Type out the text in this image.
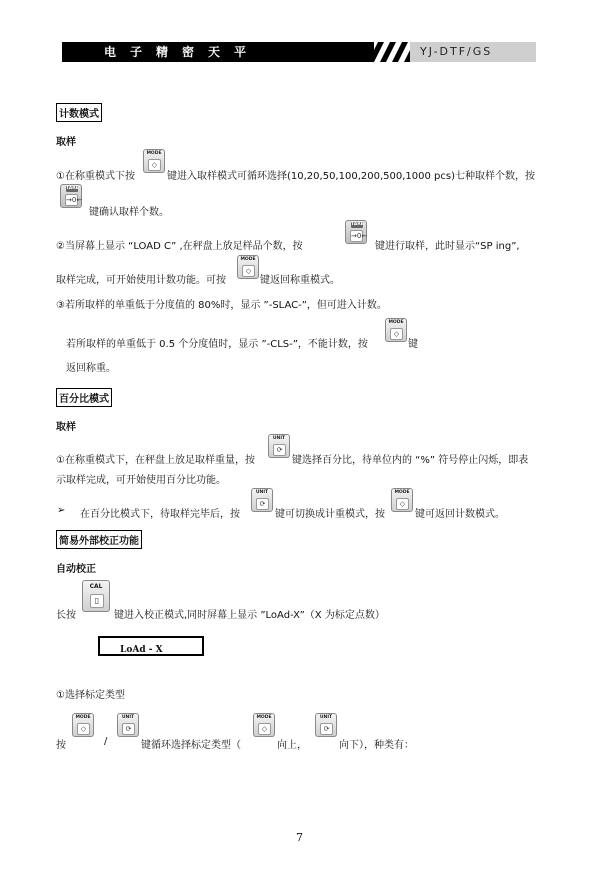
电子精密天平	YJ-DTF/GS
计数模式
取样
①在称重模式下按
MODE
◇
键进入取样模式可循环选择(10,20,50,100,200,500,1000 pcs)七种取样个数，按
TARE
→0←
键确认取样个数。
②当屏幕上显示 “LOAD C” ,在秤盘上放足样品个数，按
TARE
→0←
键进行取样，此时显示“SP ing”,
取样完成，可开始使用计数功能。可按
MODE
◇
键返回称重模式。
③若所取样的单重低于分度值的 80%时，显示 ”-SLAC-”，但可进入计数。
若所取样的单重低于 0.5 个分度值时，显示 ”-CLS-”，不能计数，按
MODE
◇
键
返回称重。
百分比模式
取样
①在称重模式下，在秤盘上放足取样重量，按
UNIT
⟳
键选择百分比，待单位内的 “%” 符号停止闪烁，即表
示取样完成，可开始使用百分比功能。
➢ 在百分比模式下，待取样完毕后，按
UNIT
⟳
键可切换成计重模式，按
MODE
◇
键可返回计数模式。
简易外部校正功能
自动校正
长按
CAL
▯
键进入校正模式,同时屏幕上显示 ”LoAd-X”（X 为标定点数）
LoAd - X
①选择标定类型
按
MODE
◇
/
UNIT
⟳
键循环选择标定类型（
MODE
◇
向上，
UNIT
⟳
向下），种类有：
7
